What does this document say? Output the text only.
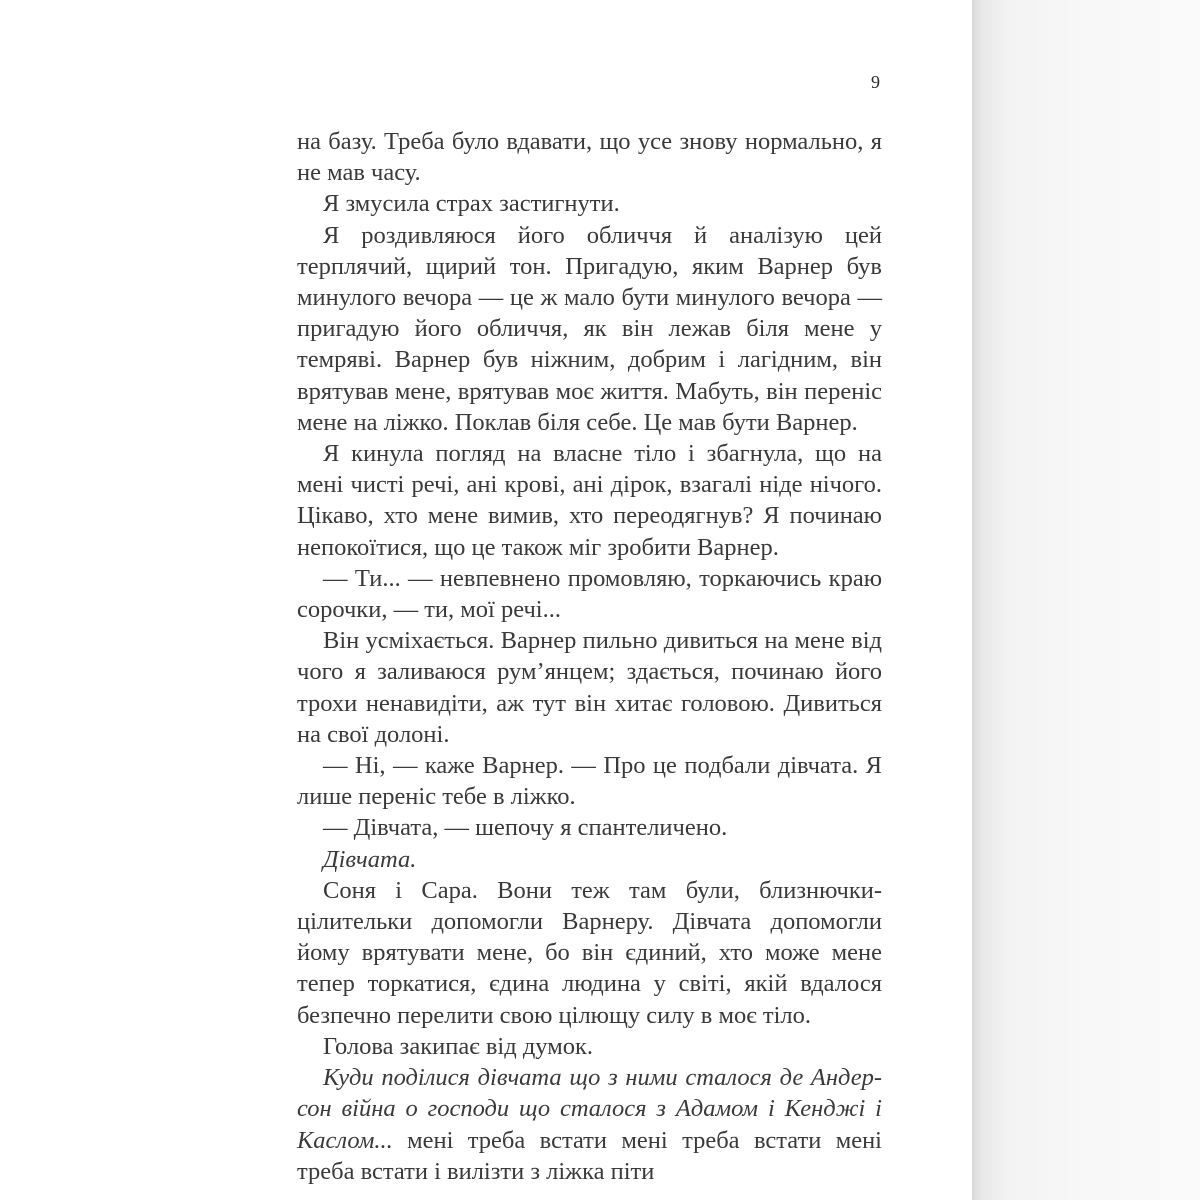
9

на базу. Треба було вдавати, що усе знову нормально, я не мав часу.

Я змусила страх застигнути.

Я роздивляюся його обличчя й аналізую цей терплячий, щирий тон. Пригадую, яким Варнер був минулого вечора — це ж мало бути минулого вечора — пригадую його обличчя, як він лежав біля мене у темряві. Варнер був ніжним, добрим і лагідним, він врятував мене, врятував моє життя. Мабуть, він переніс мене на ліжко. Поклав біля себе. Це мав бути Варнер.

Я кинула погляд на власне тіло і збагнула, що на мені чисті речі, ані крові, ані дірок, взагалі ніде нічого. Цікаво, хто мене вимив, хто переодягнув? Я починаю непокоїтися, що це також міг зробити Варнер.

— Ти... — невпевнено промовляю, торкаючись краю сорочки, — ти, мої речі...

Він усміхається. Варнер пильно дивиться на мене від чого я заливаюся рум’янцем; здається, починаю його трохи ненавидіти, аж тут він хитає головою. Дивиться на свої долоні.

— Ні, — каже Варнер. — Про це подбали дівчата. Я лише переніс тебе в ліжко.

— Дівчата, — шепочу я спантеличено.

Дівчата.

Соня і Сара. Вони теж там були, близнючки-цілительки допомогли Варнеру. Дівчата допомогли йому врятувати мене, бо він єдиний, хто може мене тепер торкатися, єдина людина у світі, якій вдалося безпечно перелити свою цілющу силу в моє тіло.

Голова закипає від думок.

Куди поділися дівчата що з ними сталося де Андерсон війна о господи що сталося з Адамом і Кенджі і Каслом... мені треба встати мені треба встати мені треба встати і вилізти з ліжка піти
